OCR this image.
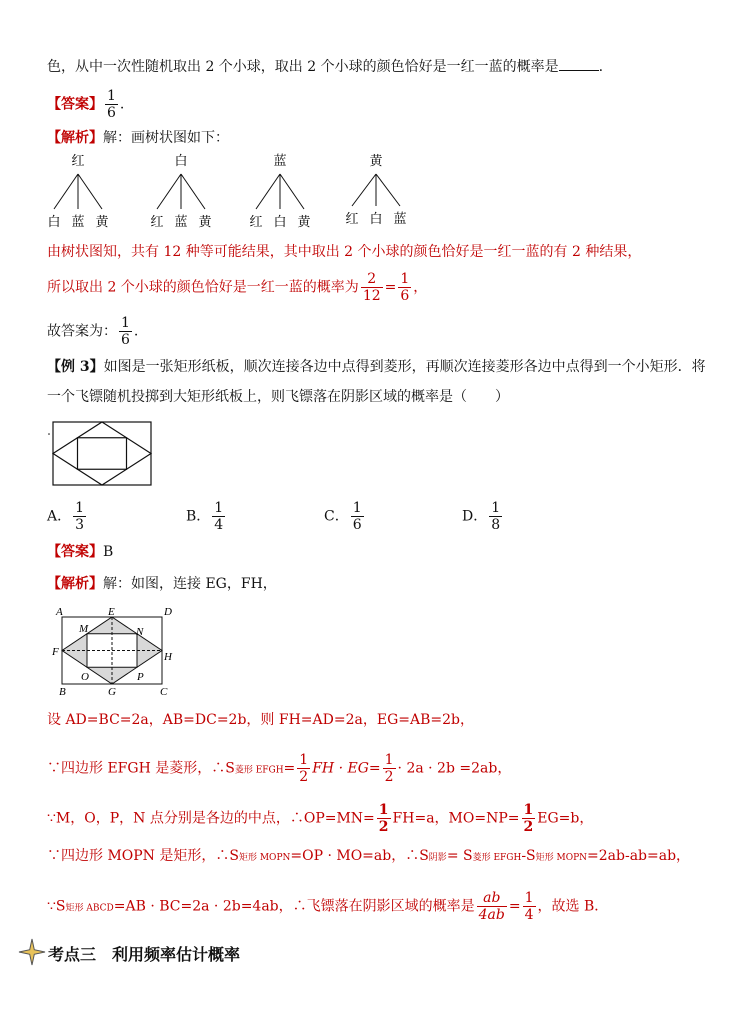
色，从中一次性随机取出 2 个小球，取出 2 个小球的颜色恰好是一红一蓝的概率是	.
【答案】 $\frac{1}{6}$ .
【解析】解：画树状图如下：
红
白 蓝 黄
白
红 蓝 黄
蓝
红 白 黄
黄
红 白 蓝
由树状图知，共有 12 种等可能结果，其中取出 2 个小球的颜色恰好是一红一蓝的有 2 种结果，
所以取出 2 个小球的颜色恰好是一红一蓝的概率为 $\frac{2}{12} = \frac{1}{6}$ ，
故答案为： $\frac{1}{6}$ .
【例 3】如图是一张矩形纸板，顺次连接各边中点得到菱形，再顺次连接菱形各边中点得到一个小矩形．将
一个飞镖随机投掷到大矩形纸板上，则飞镖落在阴影区域的概率是（　　）
A． $\frac{1}{3}$	B． $\frac{1}{4}$	C． $\frac{1}{6}$	D． $\frac{1}{8}$
【答案】B
【解析】解：如图，连接 EG，FH，
A	E	D
M	N
F	H
O	P
B	G	C
设 AD=BC=2a，AB=DC=2b，则 FH=AD=2a，EG=AB=2b，
∵四边形 EFGH 是菱形，∴S菱形 EFGH= $\frac{1}{2}$ FH · $EG= \frac{1}{2} \cdot 2a \cdot 2b =2ab$，
∵M，O，P，N 点分别是各边的中点，∴OP=MN= $\frac{1}{2} FH=a$，$MO=NP= \frac{1}{2} EG=b$，
∵四边形 MOPN 是矩形，∴S矩形 MOPN=OP · MO=ab，∴S阴影= S菱形 EFGH-S矩形 MOPN=2ab-ab=ab，
∵S矩形 ABCD=AB · BC=2a · 2b=4ab，∴飞镖落在阴影区域的概率是 $\frac{ab}{4ab} = \frac{1}{4}$ ，故选 B．
考点三　利用频率估计概率
